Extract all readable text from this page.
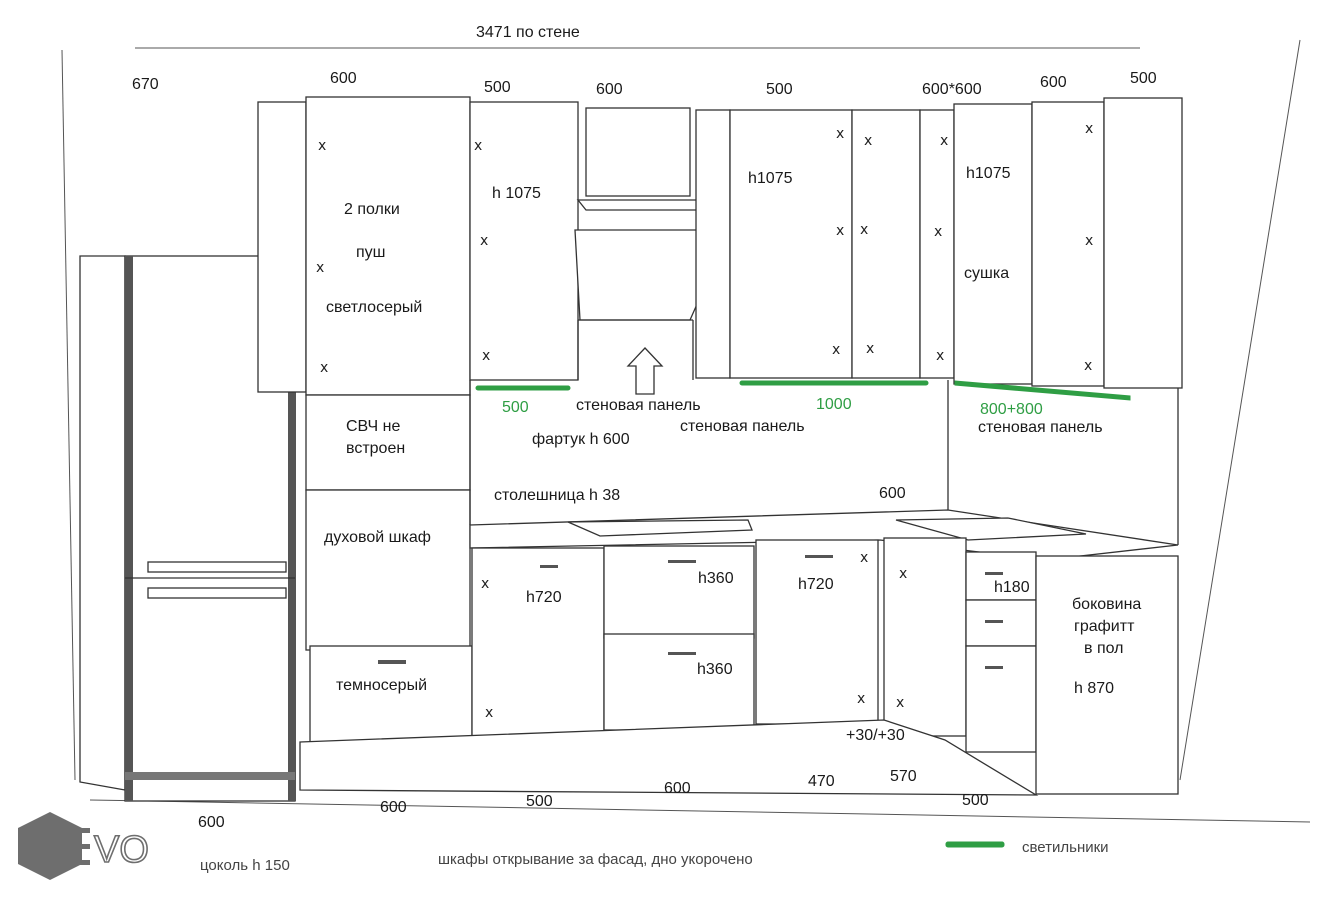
x
x
x
x
x
x
x x
x x
x x
x
x
x
x
x
x
x
x
x
x
x
x
3471 по стене
670	600
500	600	500	600*600	600	500
600
600	500
600	470	570
500
600
+30/+30
2 полки
пуш
светлосерый
СВЧ не
встроен
духовой шкаф
темносерый
h 1075
h1075	h1075
сушка
стеновая панель
стеновая панель	стеновая панель
фартук h 600
столешница h 38
h720
h720
h360
h360
h180
боковина
графитт
в пол
h 870
500	1000	800+800
светильники
цоколь h 150	шкафы открывание за фасад, дно укорочено
VO
